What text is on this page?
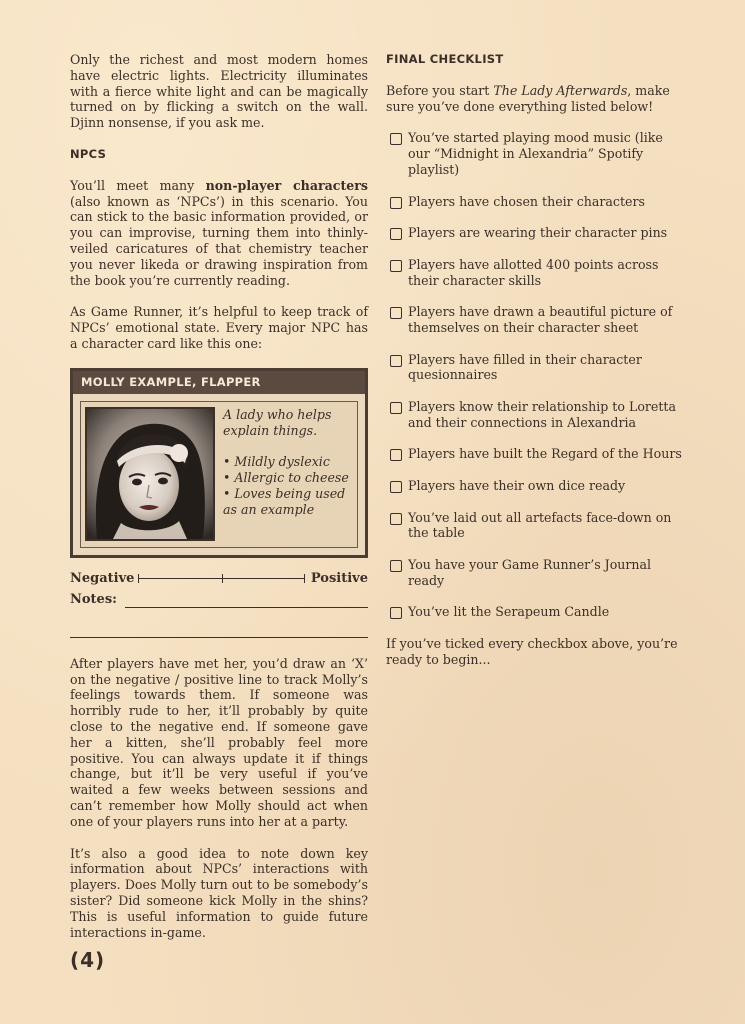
Only the richest and most modern homes have electric lights. Electricity illuminates with a fierce white light and can be magically turned on by flicking a switch on the wall. Djinn nonsense, if you ask me.

NPCS

You’ll meet many non-player characters (also known as ‘NPCs’) in this scenario. You can stick to the basic information provided, or you can improvise, turning them into thinly-veiled caricatures of that chemistry teacher you never likeda or drawing inspiration from the book you’re currently reading.

As Game Runner, it’s helpful to keep track of NPCs’ emotional state. Every major NPC has a character card like this one:

MOLLY EXAMPLE, FLAPPER
A lady who helps explain things.
• Mildly dyslexic
• Allergic to cheese
• Loves being used as an example
Negative	Positive
Notes:

After players have met her, you’d draw an ‘X’ on the negative / positive line to track Molly’s feelings towards them. If someone was horribly rude to her, it’ll probably by quite close to the negative end. If someone gave her a kitten, she’ll probably feel more positive. You can always update it if things change, but it’ll be very useful if you’ve waited a few weeks between sessions and can’t remember how Molly should act when one of your players runs into her at a party.

It’s also a good idea to note down key information about NPCs’ interactions with players. Does Molly turn out to be somebody’s sister? Did someone kick Molly in the shins? This is useful information to guide future interactions in-game.

FINAL CHECKLIST

Before you start The Lady Afterwards, make sure you’ve done everything listed below!

You’ve started playing mood music (like our “Midnight in Alexandria” Spotify playlist)
Players have chosen their characters
Players are wearing their character pins
Players have allotted 400 points across their character skills
Players have drawn a beautiful picture of themselves on their character sheet
Players have filled in their character quesionnaires
Players know their relationship to Loretta and their connections in Alexandria
Players have built the Regard of the Hours
Players have their own dice ready
You’ve laid out all artefacts face-down on the table
You have your Game Runner’s Journal ready
You’ve lit the Serapeum Candle

If you’ve ticked every checkbox above, you’re ready to begin...

(4)
